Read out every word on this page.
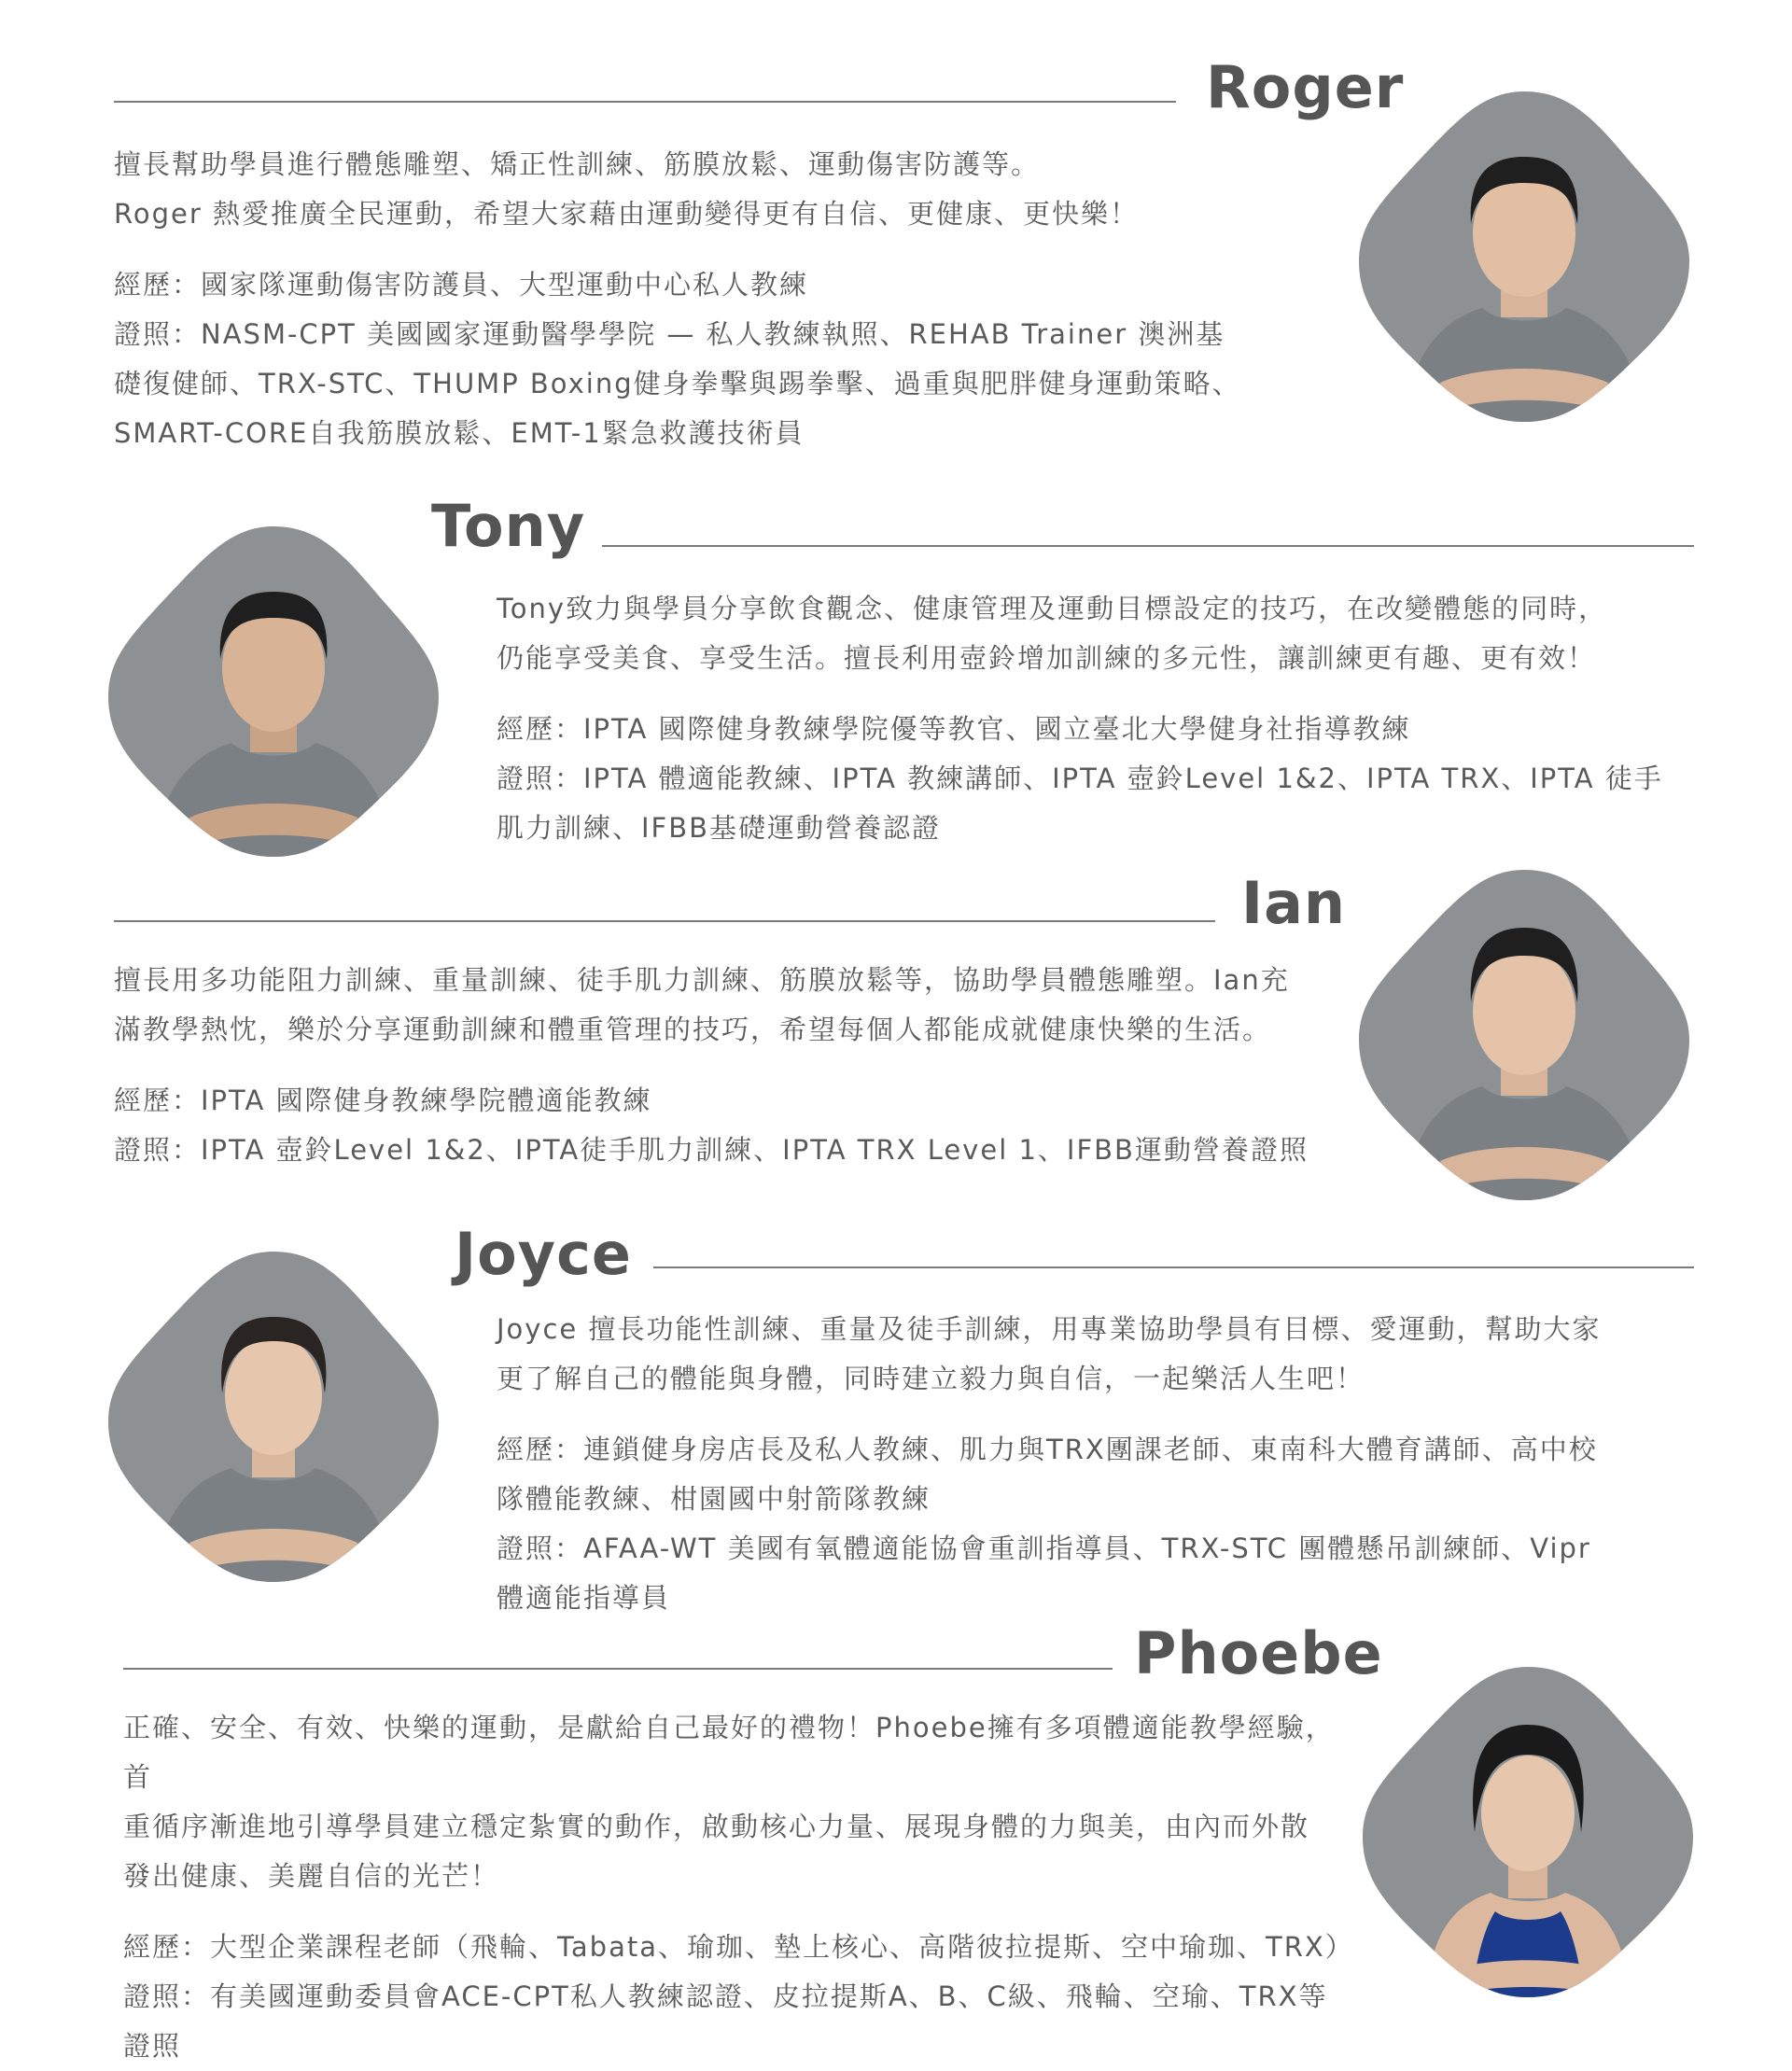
Roger

擅長幫助學員進行體態雕塑、矯正性訓練、筋膜放鬆、運動傷害防護等。

Roger 熱愛推廣全民運動，希望大家藉由運動變得更有自信、更健康、更快樂！

經歷：國家隊運動傷害防護員、大型運動中心私人教練

證照：NASM-CPT 美國國家運動醫學學院 — 私人教練執照、REHAB Trainer 澳洲基

礎復健師、TRX-STC、THUMP Boxing健身拳擊與踢拳擊、過重與肥胖健身運動策略、

SMART-CORE自我筋膜放鬆、EMT-1緊急救護技術員

Tony

Tony致力與學員分享飲食觀念、健康管理及運動目標設定的技巧，在改變體態的同時，

仍能享受美食、享受生活。擅長利用壺鈴增加訓練的多元性，讓訓練更有趣、更有效！

經歷：IPTA 國際健身教練學院優等教官、國立臺北大學健身社指導教練

證照：IPTA 體適能教練、IPTA 教練講師、IPTA 壺鈴Level 1&2、IPTA TRX、IPTA 徒手

肌力訓練、IFBB基礎運動營養認證

Ian

擅長用多功能阻力訓練、重量訓練、徒手肌力訓練、筋膜放鬆等，協助學員體態雕塑。Ian充

滿教學熱忱，樂於分享運動訓練和體重管理的技巧，希望每個人都能成就健康快樂的生活。

經歷：IPTA 國際健身教練學院體適能教練

證照：IPTA 壺鈴Level 1&2、IPTA徒手肌力訓練、IPTA TRX Level 1、IFBB運動營養證照

Joyce

Joyce 擅長功能性訓練、重量及徒手訓練，用專業協助學員有目標、愛運動，幫助大家

更了解自己的體能與身體，同時建立毅力與自信，一起樂活人生吧！

經歷：連鎖健身房店長及私人教練、肌力與TRX團課老師、東南科大體育講師、高中校

隊體能教練、柑園國中射箭隊教練

證照：AFAA-WT 美國有氧體適能協會重訓指導員、TRX-STC 團體懸吊訓練師、Vipr

體適能指導員

Phoebe

正確、安全、有效、快樂的運動，是獻給自己最好的禮物！Phoebe擁有多項體適能教學經驗，首

重循序漸進地引導學員建立穩定紮實的動作，啟動核心力量、展現身體的力與美，由內而外散

發出健康、美麗自信的光芒！

經歷：大型企業課程老師（飛輪、Tabata、瑜珈、墊上核心、高階彼拉提斯、空中瑜珈、TRX）

證照：有美國運動委員會ACE-CPT私人教練認證、皮拉提斯A、B、C級、飛輪、空瑜、TRX等證照
